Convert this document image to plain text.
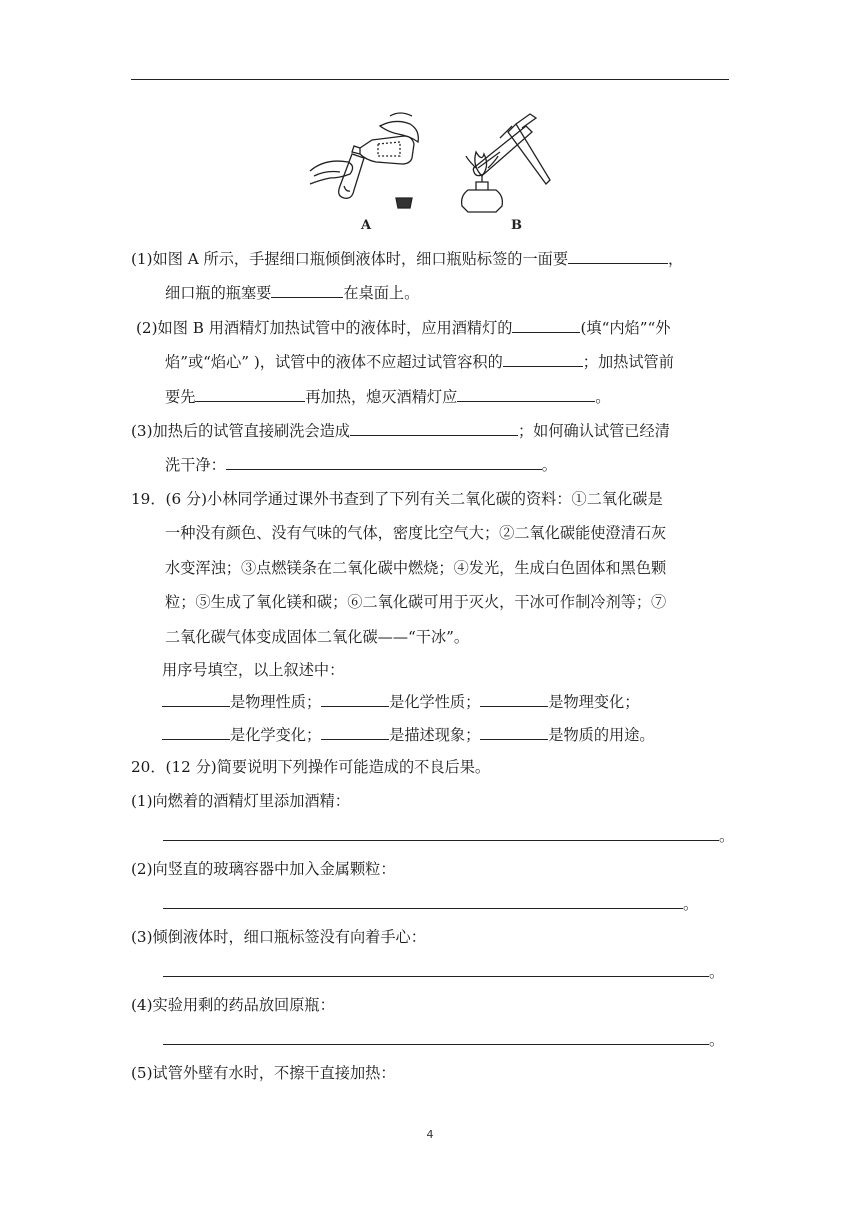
A	B
(1)如图 A 所示，手握细口瓶倾倒液体时，细口瓶贴标签的一面要	，
细口瓶的瓶塞要	在桌面上。
(2)如图 B 用酒精灯加热试管中的液体时，应用酒精灯的	(填“内焰”“外
焰”或“焰心” )，试管中的液体不应超过试管容积的	；加热试管前
要先	再加热，熄灭酒精灯应	。
(3)加热后的试管直接刷洗会造成	；如何确认试管已经清
洗干净：	。
19．(6 分)小林同学通过课外书查到了下列有关二氧化碳的资料：①二氧化碳是
一种没有颜色、没有气味的气体，密度比空气大；②二氧化碳能使澄清石灰
水变浑浊；③点燃镁条在二氧化碳中燃烧；④发光，生成白色固体和黑色颗
粒；⑤生成了氧化镁和碳；⑥二氧化碳可用于灭火，干冰可作制冷剂等；⑦
二氧化碳气体变成固体二氧化碳——“干冰”。
用序号填空，以上叙述中：
是物理性质；	是化学性质；	是物理变化；
是化学变化；	是描述现象；	是物质的用途。
20．(12 分)简要说明下列操作可能造成的不良后果。
(1)向燃着的酒精灯里添加酒精：
。
(2)向竖直的玻璃容器中加入金属颗粒：
。
(3)倾倒液体时，细口瓶标签没有向着手心：
。
(4)实验用剩的药品放回原瓶：
。
(5)试管外壁有水时，不擦干直接加热：
4
